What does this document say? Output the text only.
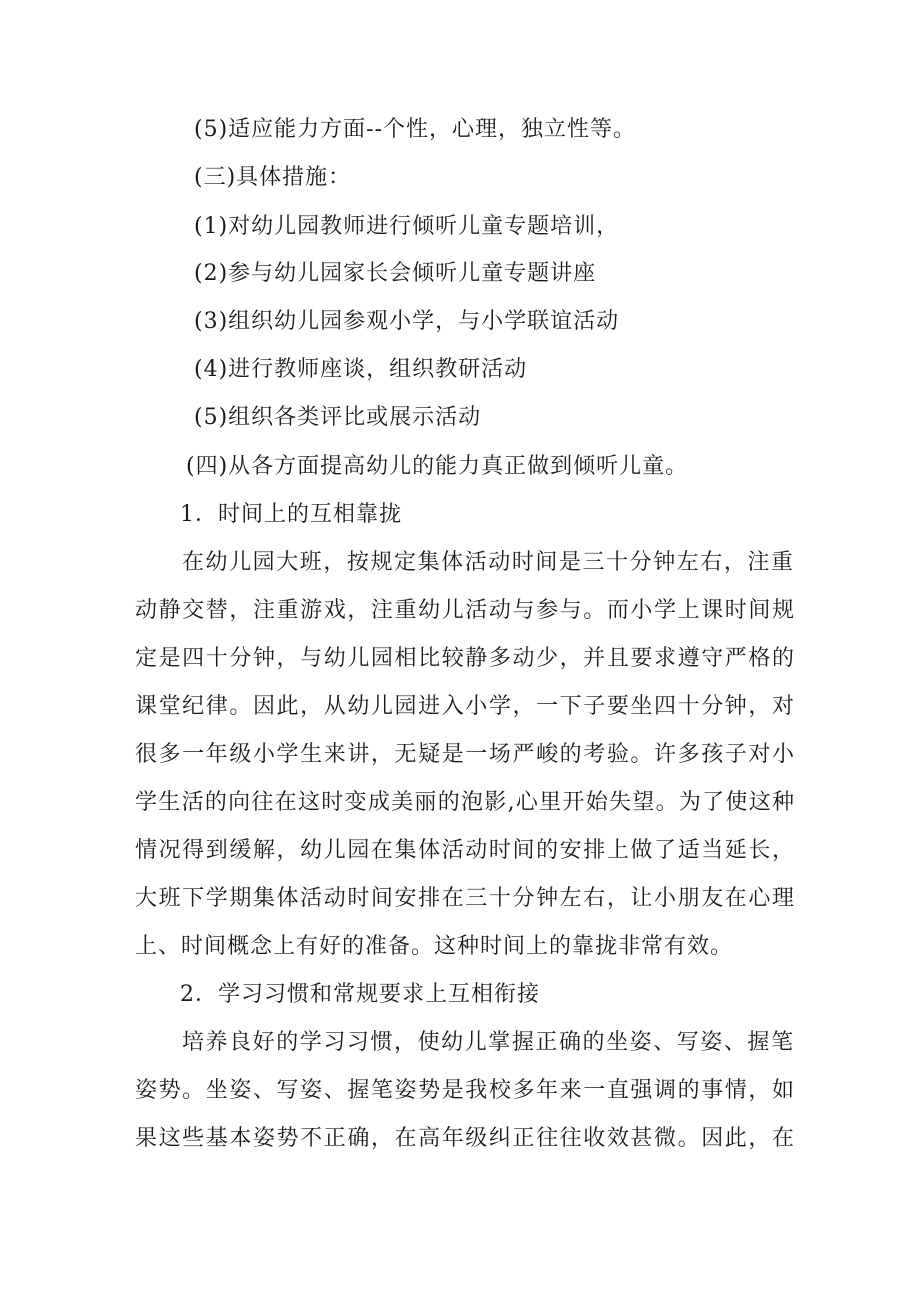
(5)适应能力方面--个性，心理，独立性等。
(三)具体措施：
(1)对幼儿园教师进行倾听儿童专题培训，
(2)参与幼儿园家长会倾听儿童专题讲座
(3)组织幼儿园参观小学，与小学联谊活动
(4)进行教师座谈，组织教研活动
(5)组织各类评比或展示活动
(四)从各方面提高幼儿的能力真正做到倾听儿童。
1．时间上的互相靠拢
在幼儿园大班，按规定集体活动时间是三十分钟左右，注重
动静交替，注重游戏，注重幼儿活动与参与。而小学上课时间规
定是四十分钟，与幼儿园相比较静多动少，并且要求遵守严格的
课堂纪律。因此，从幼儿园进入小学，一下子要坐四十分钟，对
很多一年级小学生来讲，无疑是一场严峻的考验。许多孩子对小
学生活的向往在这时变成美丽的泡影,心里开始失望。为了使这种
情况得到缓解，幼儿园在集体活动时间的安排上做了适当延长，
大班下学期集体活动时间安排在三十分钟左右，让小朋友在心理
上、时间概念上有好的准备。这种时间上的靠拢非常有效。
2．学习习惯和常规要求上互相衔接
培养良好的学习习惯，使幼儿掌握正确的坐姿、写姿、握笔
姿势。坐姿、写姿、握笔姿势是我校多年来一直强调的事情，如
果这些基本姿势不正确，在高年级纠正往往收效甚微。因此，在
